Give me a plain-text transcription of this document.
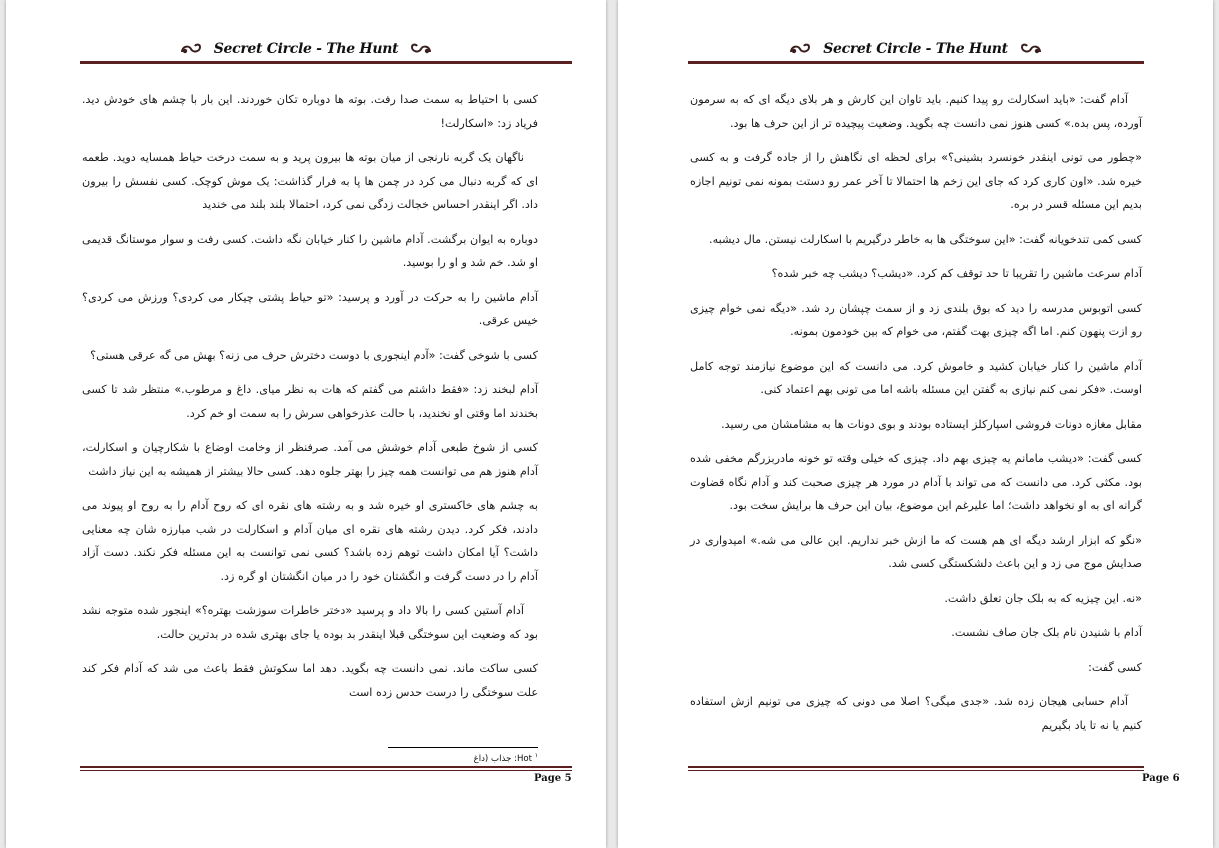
Secret Circle - The Hunt

کسی با احتیاط به سمت صدا رفت. بوته ها دوباره تکان خوردند. این بار با چشم های خودش دید. فریاد زد: «اسکارلت!

ناگهان یک گربه نارنجی از میان بوته ها بیرون پرید و به سمت درخت حیاط همسایه دوید. طعمه ای که گربه دنبال می کرد در چمن ها پا به فرار گذاشت: یک موش کوچک. کسی نفسش را بیرون داد. اگر اینقدر احساس خجالت زدگی نمی کرد، احتمالا بلند بلند می خندید

دوباره به ایوان برگشت. آدام ماشین را کنار خیابان نگه داشت. کسی رفت و سوار موستانگ قدیمی او شد. خم شد و او را بوسید.

آدام ماشین را به حرکت در آورد و پرسید: «تو حیاط پشتی چیکار می کردی؟ ورزش می کردی؟ خیس عرقی.

کسی با شوخی گفت: «آدم اینجوری با دوست دخترش حرف می زنه؟ بهش می گه عرقی هستی؟

آدام لبخند زد: «فقط داشتم می گفتم که هات به نظر میای. داغ و مرطوب.» منتظر شد تا کسی بخندند اما وقتی او نخندید، با حالت عذرخواهی سرش را به سمت او خم کرد.

کسی از شوخ طبعی آدام خوشش می آمد. صرفنظر از وخامت اوضاع با شکارچیان و اسکارلت، آدام هنوز هم می توانست همه چیز را بهتر جلوه دهد. کسی حالا بیشتر از همیشه به این نیاز داشت

به چشم های خاکستری او خیره شد و به رشته های نقره ای که روح آدام را به روح او پیوند می دادند، فکر کرد. دیدن رشته های نقره ای میان آدام و اسکارلت در شب مبارزه شان چه معنایی داشت؟ آیا امکان داشت توهم زده باشد؟ کسی نمی توانست به این مسئله فکر نکند. دست آزاد آدام را در دست گرفت و انگشتان خود را در میان انگشتان او گره زد.

آدام آستین کسی را بالا داد و پرسید «دختر خاطرات سوزشت بهتره؟» اینجور شده متوجه نشد بود که وضعیت این سوختگی قبلا اینقدر بد بوده یا جای بهتری شده در بدترین حالت.

کسی ساکت ماند. نمی دانست چه بگوید. دهد اما سکوتش فقط باعث می شد که آدام فکر کند علت سوختگی را درست حدس زده است

$^۱$ Hot: جذاب (داغ
Page 5
Secret Circle - The Hunt

آدام گفت: «باید اسکارلت رو پیدا کنیم. باید تاوان این کارش و هر بلای دیگه ای که به سرمون آورده، پس بده.» کسی هنوز نمی دانست چه بگوید. وضعیت پیچیده تر از این حرف ها بود.

«چطور می تونی اینقدر خونسرد بشینی؟» برای لحظه ای نگاهش را از جاده گرفت و به کسی خیره شد. «اون کاری کرد که جای این زخم ها احتمالا تا آخر عمر رو دستت بمونه نمی تونیم اجازه بدیم این مسئله قسر در بره.

کسی کمی تندخویانه گفت: «این سوختگی ها به خاطر درگیریم با اسکارلت نیستن. مال دیشبه.

آدام سرعت ماشین را تقریبا تا حد توقف کم کرد. «دیشب؟ دیشب چه خبر شده؟

کسی اتوبوس مدرسه را دید که بوق بلندی زد و از سمت چپشان رد شد. «دیگه نمی خوام چیزی رو ازت پنهون کنم. اما اگه چیزی بهت گفتم، می خوام که بین خودمون بمونه.

آدام ماشین را کنار خیابان کشید و خاموش کرد. می دانست که این موضوع نیازمند توجه کامل اوست. «فکر نمی کنم نیازی به گفتن این مسئله باشه اما می تونی بهم اعتماد کنی.

مقابل مغازه دونات فروشی اسپارکلز ایستاده بودند و بوی دونات ها به مشامشان می رسید.

کسی گفت: «دیشب مامانم یه چیزی بهم داد. چیزی که خیلی وقته تو خونه مادربزرگم مخفی شده بود. مکثی کرد. می دانست که می تواند با آدام در مورد هر چیزی صحبت کند و آدام نگاه قضاوت گرانه ای به او نخواهد داشت؛ اما علیرغم این موضوع، بیان این حرف ها برایش سخت بود.

«نگو که ابزار ارشد دیگه ای هم هست که ما ازش خبر نداریم. این عالی می شه.» امیدواری در صدایش موج می زد و این باعث دلشکستگی کسی شد.

«نه. این چیزیه که به بلک جان تعلق داشت.

آدام با شنیدن نام بلک جان صاف نشست.

کسی گفت:

آدام حسابی هیجان زده شد. «جدی میگی؟ اصلا می دونی که چیزی می تونیم ازش استفاده کنیم یا نه تا یاد بگیریم

Page 6
